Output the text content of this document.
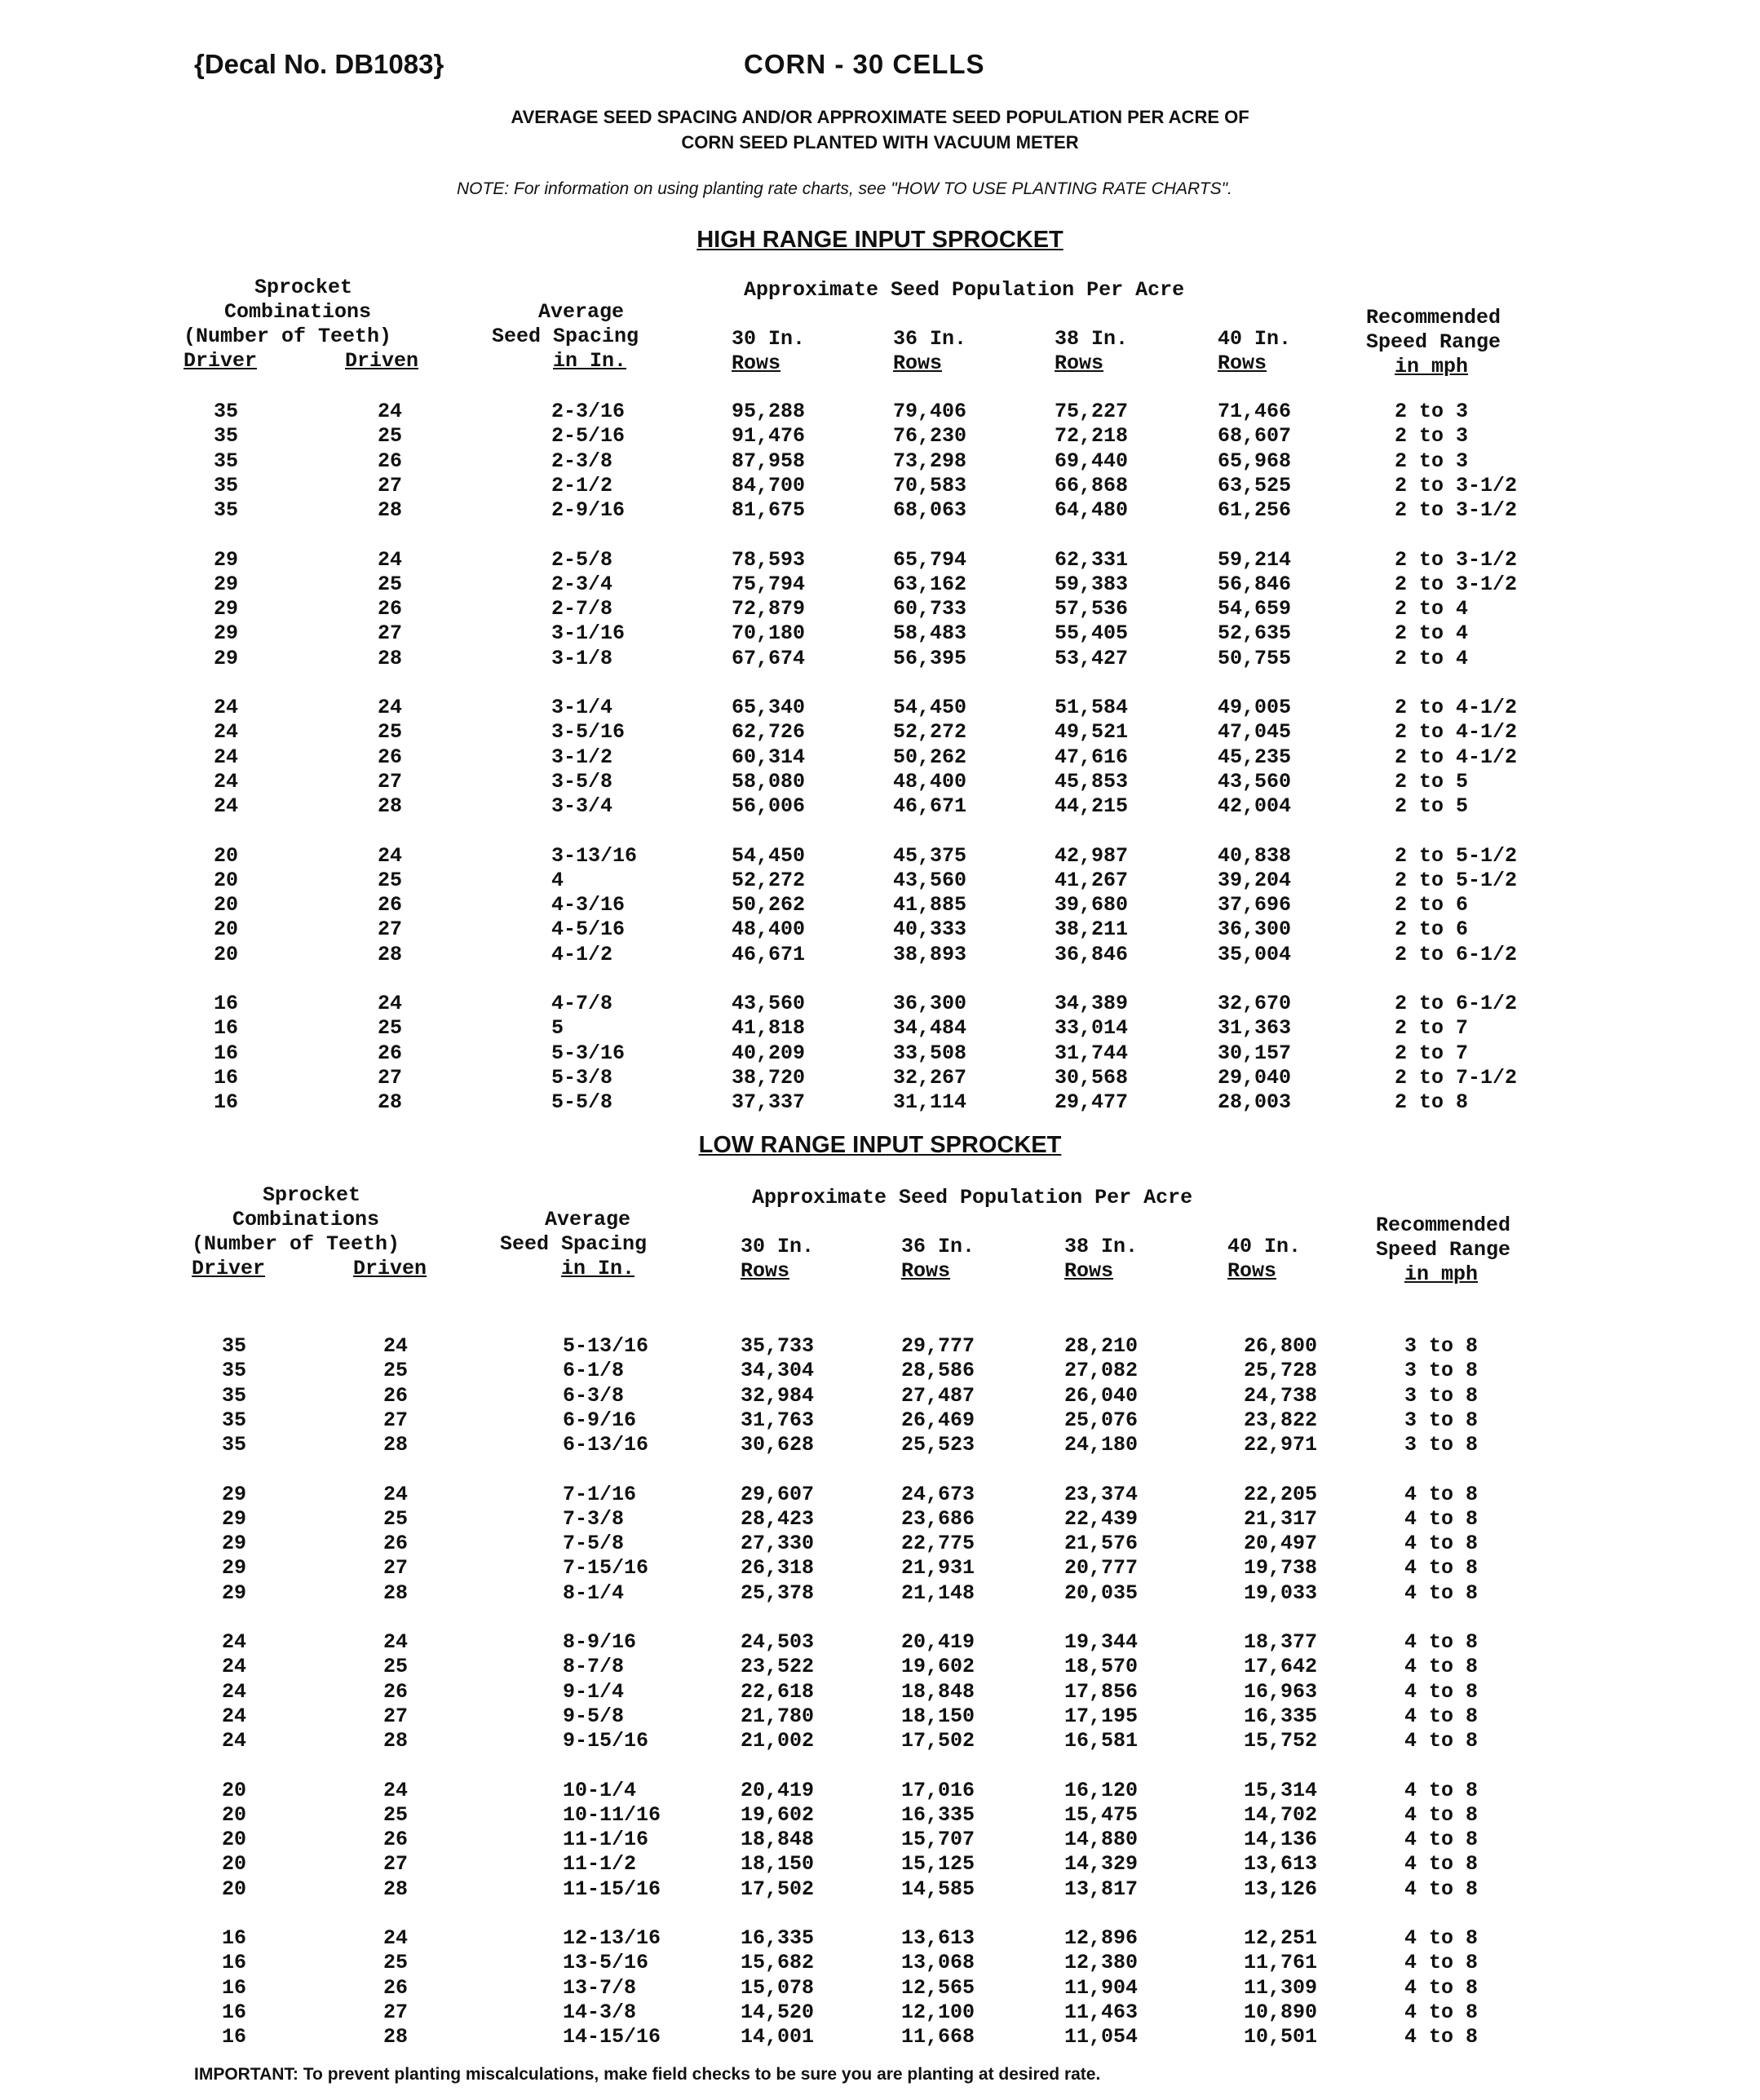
{Decal No. DB1083}	CORN - 30 CELLS
AVERAGE SEED SPACING AND/OR APPROXIMATE SEED POPULATION PER ACRE OF
CORN SEED PLANTED WITH VACUUM METER
NOTE: For information on using planting rate charts, see "HOW TO USE PLANTING RATE CHARTS".
HIGH RANGE INPUT SPROCKET
Sprocket
Combinations
(Number of Teeth)
Driver	Driven
Average
Seed Spacing
in In.
Approximate Seed Population Per Acre
30 In.
Rows
36 In.
Rows
38 In.
Rows
40 In.
Rows
Recommended
Speed Range
in mph
35	24	2-3/16	95,288	79,406	75,227	71,466	2 to 3
35	25	2-5/16	91,476	76,230	72,218	68,607	2 to 3
35	26	2-3/8	87,958	73,298	69,440	65,968	2 to 3
35	27	2-1/2	84,700	70,583	66,868	63,525	2 to 3-1/2
35	28	2-9/16	81,675	68,063	64,480	61,256	2 to 3-1/2
29	24	2-5/8	78,593	65,794	62,331	59,214	2 to 3-1/2
29	25	2-3/4	75,794	63,162	59,383	56,846	2 to 3-1/2
29	26	2-7/8	72,879	60,733	57,536	54,659	2 to 4
29	27	3-1/16	70,180	58,483	55,405	52,635	2 to 4
29	28	3-1/8	67,674	56,395	53,427	50,755	2 to 4
24	24	3-1/4	65,340	54,450	51,584	49,005	2 to 4-1/2
24	25	3-5/16	62,726	52,272	49,521	47,045	2 to 4-1/2
24	26	3-1/2	60,314	50,262	47,616	45,235	2 to 4-1/2
24	27	3-5/8	58,080	48,400	45,853	43,560	2 to 5
24	28	3-3/4	56,006	46,671	44,215	42,004	2 to 5
20	24	3-13/16	54,450	45,375	42,987	40,838	2 to 5-1/2
20	25	4	52,272	43,560	41,267	39,204	2 to 5-1/2
20	26	4-3/16	50,262	41,885	39,680	37,696	2 to 6
20	27	4-5/16	48,400	40,333	38,211	36,300	2 to 6
20	28	4-1/2	46,671	38,893	36,846	35,004	2 to 6-1/2
16	24	4-7/8	43,560	36,300	34,389	32,670	2 to 6-1/2
16	25	5	41,818	34,484	33,014	31,363	2 to 7
16	26	5-3/16	40,209	33,508	31,744	30,157	2 to 7
16	27	5-3/8	38,720	32,267	30,568	29,040	2 to 7-1/2
16	28	5-5/8	37,337	31,114	29,477	28,003	2 to 8
LOW RANGE INPUT SPROCKET
Sprocket
Combinations
(Number of Teeth)
Driver	Driven
Average
Seed Spacing
in In.
Approximate Seed Population Per Acre
30 In.
Rows
36 In.
Rows
38 In.
Rows
40 In.
Rows
Recommended
Speed Range
in mph
35	24	5-13/16	35,733	29,777	28,210	26,800	3 to 8
35	25	6-1/8	34,304	28,586	27,082	25,728	3 to 8
35	26	6-3/8	32,984	27,487	26,040	24,738	3 to 8
35	27	6-9/16	31,763	26,469	25,076	23,822	3 to 8
35	28	6-13/16	30,628	25,523	24,180	22,971	3 to 8
29	24	7-1/16	29,607	24,673	23,374	22,205	4 to 8
29	25	7-3/8	28,423	23,686	22,439	21,317	4 to 8
29	26	7-5/8	27,330	22,775	21,576	20,497	4 to 8
29	27	7-15/16	26,318	21,931	20,777	19,738	4 to 8
29	28	8-1/4	25,378	21,148	20,035	19,033	4 to 8
24	24	8-9/16	24,503	20,419	19,344	18,377	4 to 8
24	25	8-7/8	23,522	19,602	18,570	17,642	4 to 8
24	26	9-1/4	22,618	18,848	17,856	16,963	4 to 8
24	27	9-5/8	21,780	18,150	17,195	16,335	4 to 8
24	28	9-15/16	21,002	17,502	16,581	15,752	4 to 8
20	24	10-1/4	20,419	17,016	16,120	15,314	4 to 8
20	25	10-11/16	19,602	16,335	15,475	14,702	4 to 8
20	26	11-1/16	18,848	15,707	14,880	14,136	4 to 8
20	27	11-1/2	18,150	15,125	14,329	13,613	4 to 8
20	28	11-15/16	17,502	14,585	13,817	13,126	4 to 8
16	24	12-13/16	16,335	13,613	12,896	12,251	4 to 8
16	25	13-5/16	15,682	13,068	12,380	11,761	4 to 8
16	26	13-7/8	15,078	12,565	11,904	11,309	4 to 8
16	27	14-3/8	14,520	12,100	11,463	10,890	4 to 8
16	28	14-15/16	14,001	11,668	11,054	10,501	4 to 8
IMPORTANT: To prevent planting miscalculations, make field checks to be sure you are planting at desired rate.
